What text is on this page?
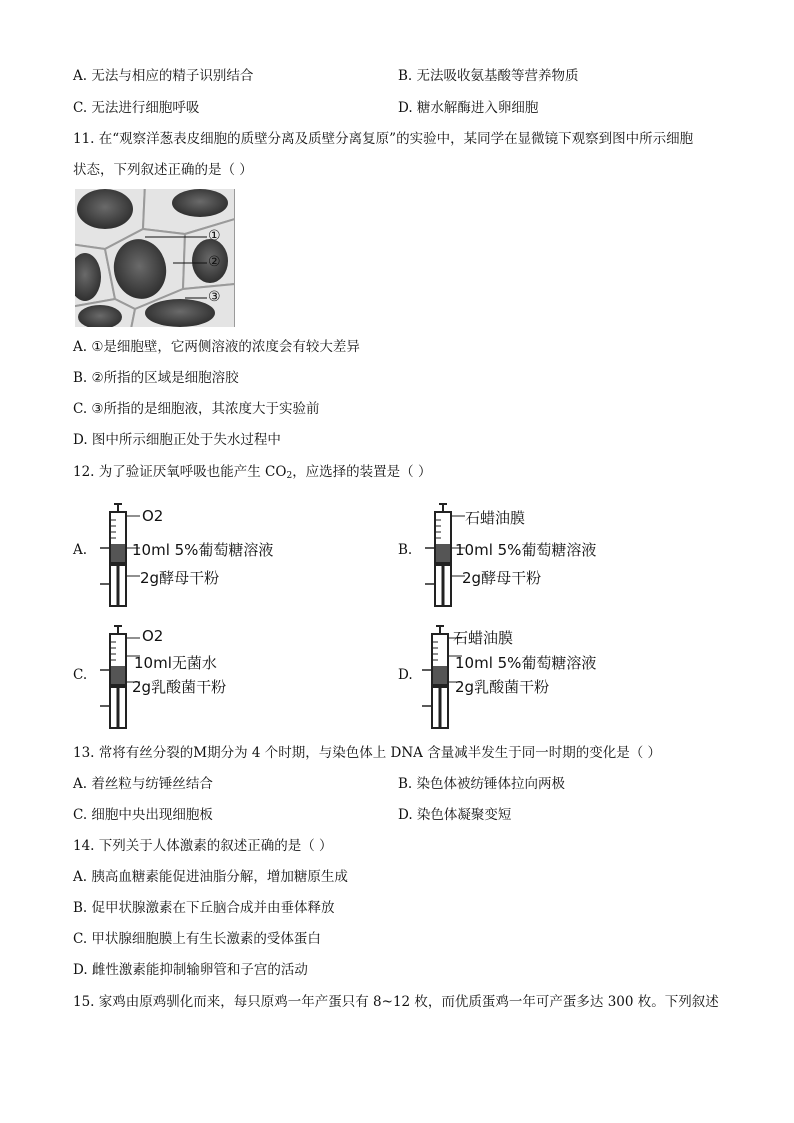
A. 无法与相应的精子识别结合	B. 无法吸收氨基酸等营养物质
C. 无法进行细胞呼吸	D. 糖水解酶进入卵细胞
11. 在“观察洋葱表皮细胞的质壁分离及质壁分离复原”的实验中，某同学在显微镜下观察到图中所示细胞
状态，下列叙述正确的是（ ）
①
②
③
A. ①是细胞壁，它两侧溶液的浓度会有较大差异
B. ②所指的区域是细胞溶胶
C. ③所指的是细胞液，其浓度大于实验前
D. 图中所示细胞正处于失水过程中
12. 为了验证厌氧呼吸也能产生 $CO_2$，应选择的装置是（ ）
A.
O2
10ml 5%葡萄糖溶液
2g酵母干粉
B.
石蜡油膜
10ml 5%葡萄糖溶液
2g酵母干粉
C.
O2
10ml无菌水
2g乳酸菌干粉
D.
石蜡油膜
10ml 5%葡萄糖溶液
2g乳酸菌干粉
13. 常将有丝分裂的M期分为 4 个时期，与染色体上 DNA 含量减半发生于同一时期的变化是（ ）
A. 着丝粒与纺锤丝结合	B. 染色体被纺锤体拉向两极
C. 细胞中央出现细胞板	D. 染色体凝聚变短
14. 下列关于人体激素的叙述正确的是（ ）
A. 胰高血糖素能促进油脂分解，增加糖原生成
B. 促甲状腺激素在下丘脑合成并由垂体释放
C. 甲状腺细胞膜上有生长激素的受体蛋白
D. 雌性激素能抑制输卵管和子宫的活动
15. 家鸡由原鸡驯化而来，每只原鸡一年产蛋只有 8~12 枚，而优质蛋鸡一年可产蛋多达 300 枚。下列叙述
